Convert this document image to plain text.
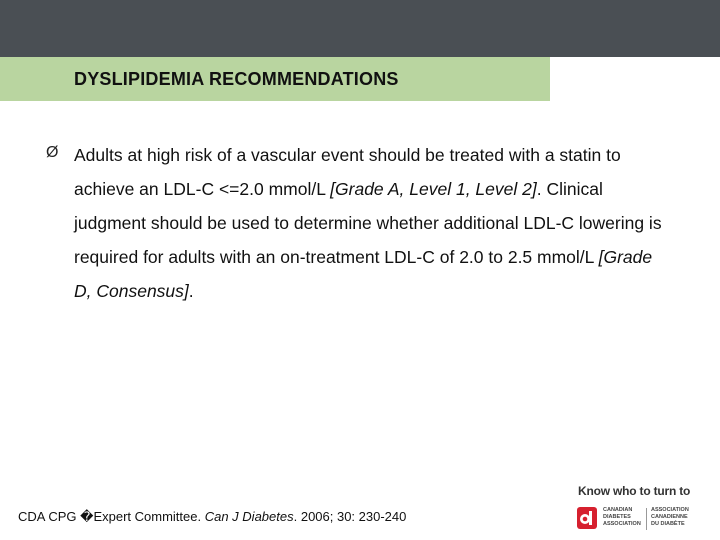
DYSLIPIDEMIA RECOMMENDATIONS
Ø Adults at high risk of a vascular event should be treated with a statin to achieve an LDL-C <=2.0 mmol/L [Grade A, Level 1, Level 2]. Clinical judgment should be used to determine whether additional LDL-C lowering is required for adults with an on-treatment LDL-C of 2.0 to 2.5 mmol/L [Grade D, Consensus].
CDA CPG �Expert Committee. Can J Diabetes. 2006; 30: 230-240
Know who to turn to
CANADIAN
DIABETES
ASSOCIATION
ASSOCIATION
CANADIENNE
DU DIABÈTE
